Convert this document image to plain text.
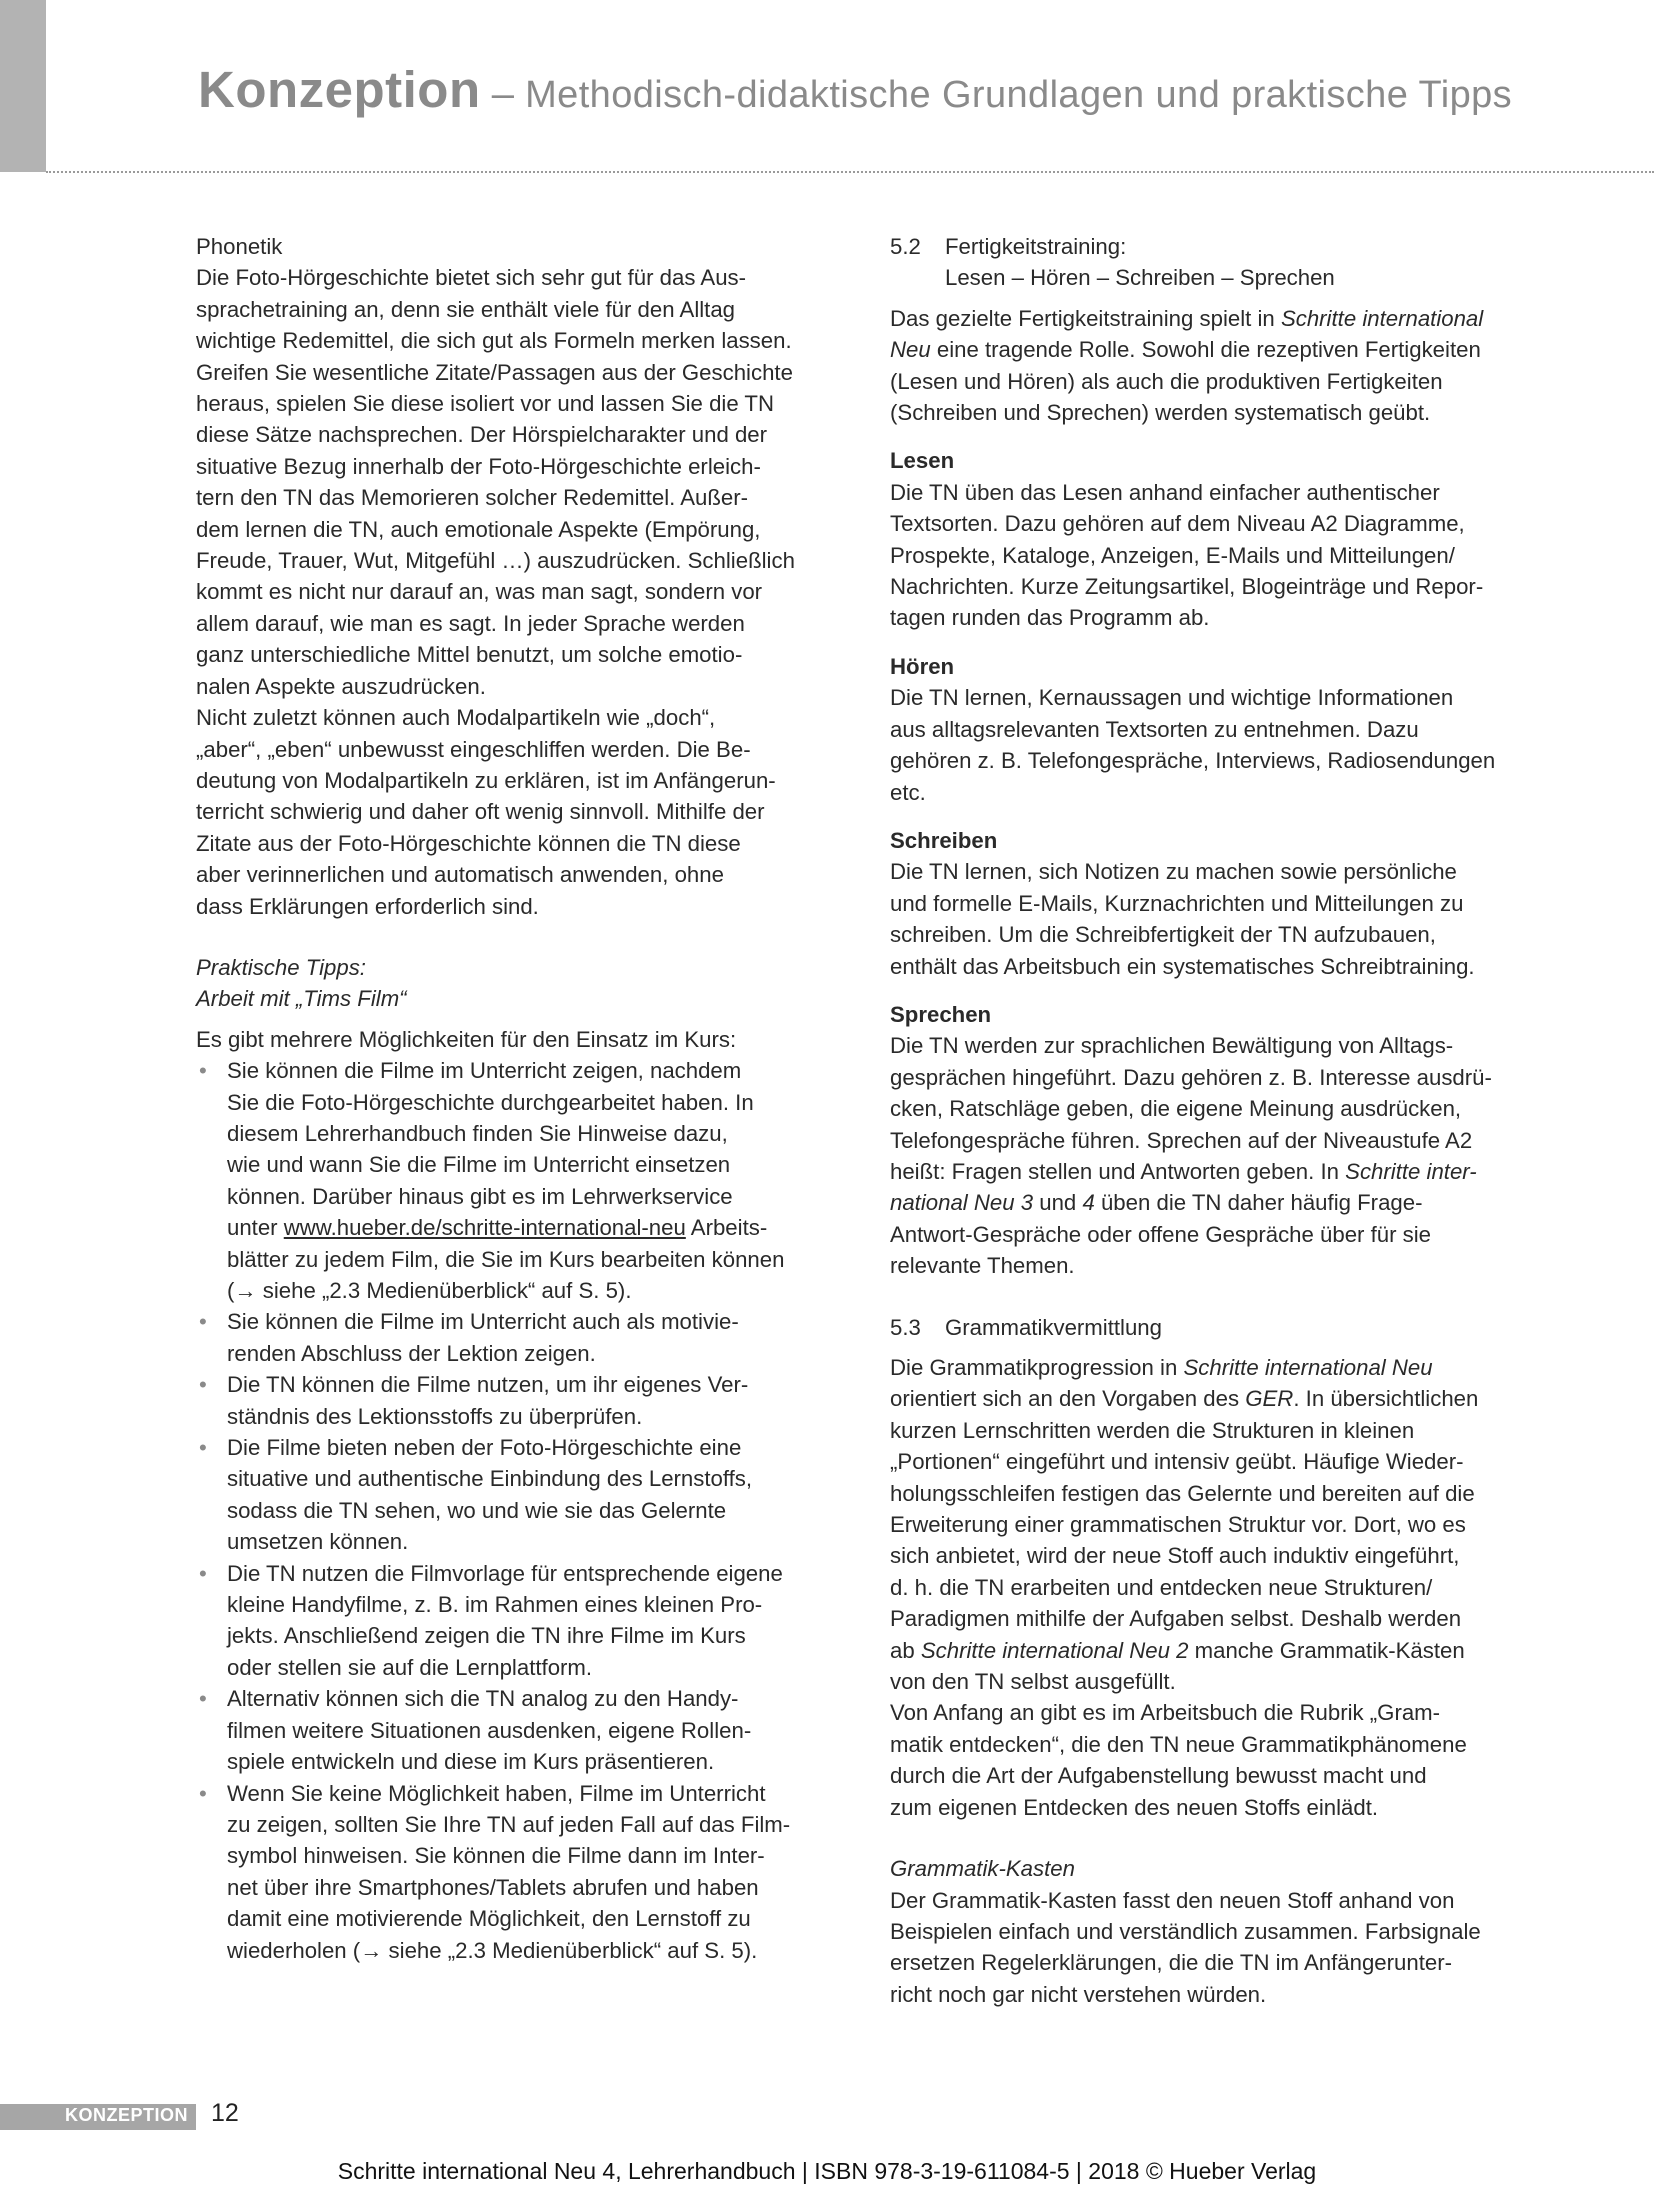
Konzeption – Methodisch-didaktische Grundlagen und praktische Tipps
Phonetik
Die Foto-Hörgeschichte bietet sich sehr gut für das Aus-
sprachetraining an, denn sie enthält viele für den Alltag
wichtige Redemittel, die sich gut als Formeln merken lassen.
Greifen Sie wesentliche Zitate/Passagen aus der Geschichte
heraus, spielen Sie diese isoliert vor und lassen Sie die TN
diese Sätze nachsprechen. Der Hörspielcharakter und der
situative Bezug innerhalb der Foto-Hörgeschichte erleich-
tern den TN das Memorieren solcher Redemittel. Außer-
dem lernen die TN, auch emotionale Aspekte (Empörung,
Freude, Trauer, Wut, Mitgefühl …) auszudrücken. Schließlich
kommt es nicht nur darauf an, was man sagt, sondern vor
allem darauf, wie man es sagt. In jeder Sprache werden
ganz unterschiedliche Mittel benutzt, um solche emotio-
nalen Aspekte auszudrücken.
Nicht zuletzt können auch Modalpartikeln wie „doch“,
„aber“, „eben“ unbewusst eingeschliffen werden. Die Be-
deutung von Modalpartikeln zu erklären, ist im Anfängerun-
terricht schwierig und daher oft wenig sinnvoll. Mithilfe der
Zitate aus der Foto-Hörgeschichte können die TN diese
aber verinnerlichen und automatisch anwenden, ohne
dass Erklärungen erforderlich sind.
Praktische Tipps:
Arbeit mit „Tims Film“
Es gibt mehrere Möglichkeiten für den Einsatz im Kurs:
• Sie können die Filme im Unterricht zeigen, nachdem
Sie die Foto-Hörgeschichte durchgearbeitet haben. In
diesem Lehrerhandbuch finden Sie Hinweise dazu,
wie und wann Sie die Filme im Unterricht einsetzen
können. Darüber hinaus gibt es im Lehrwerkservice
unter www.hueber.de/schritte-international-neu Arbeits-
blätter zu jedem Film, die Sie im Kurs bearbeiten können
(→ siehe „2.3 Medienüberblick“ auf S. 5).
• Sie können die Filme im Unterricht auch als motivie-
renden Abschluss der Lektion zeigen.
• Die TN können die Filme nutzen, um ihr eigenes Ver-
ständnis des Lektionsstoffs zu überprüfen.
• Die Filme bieten neben der Foto-Hörgeschichte eine
situative und authentische Einbindung des Lernstoffs,
sodass die TN sehen, wo und wie sie das Gelernte
umsetzen können.
• Die TN nutzen die Filmvorlage für entsprechende eigene
kleine Handyfilme, z. B. im Rahmen eines kleinen Pro-
jekts. Anschließend zeigen die TN ihre Filme im Kurs
oder stellen sie auf die Lernplattform.
• Alternativ können sich die TN analog zu den Handy-
filmen weitere Situationen ausdenken, eigene Rollen-
spiele entwickeln und diese im Kurs präsentieren.
• Wenn Sie keine Möglichkeit haben, Filme im Unterricht
zu zeigen, sollten Sie Ihre TN auf jeden Fall auf das Film-
symbol hinweisen. Sie können die Filme dann im Inter-
net über ihre Smartphones/Tablets abrufen und haben
damit eine motivierende Möglichkeit, den Lernstoff zu
wiederholen (→ siehe „2.3 Medienüberblick“ auf S. 5).
5.2 Fertigkeitstraining:
Lesen – Hören – Schreiben – Sprechen
Das gezielte Fertigkeitstraining spielt in Schritte international
Neu eine tragende Rolle. Sowohl die rezeptiven Fertigkeiten
(Lesen und Hören) als auch die produktiven Fertigkeiten
(Schreiben und Sprechen) werden systematisch geübt.
Lesen
Die TN üben das Lesen anhand einfacher authentischer
Textsorten. Dazu gehören auf dem Niveau A2 Diagramme,
Prospekte, Kataloge, Anzeigen, E-Mails und Mitteilungen/
Nachrichten. Kurze Zeitungsartikel, Blogeinträge und Repor-
tagen runden das Programm ab.
Hören
Die TN lernen, Kernaussagen und wichtige Informationen
aus alltagsrelevanten Textsorten zu entnehmen. Dazu
gehören z. B. Telefongespräche, Interviews, Radiosendungen
etc.
Schreiben
Die TN lernen, sich Notizen zu machen sowie persönliche
und formelle E-Mails, Kurznachrichten und Mitteilungen zu
schreiben. Um die Schreibfertigkeit der TN aufzubauen,
enthält das Arbeitsbuch ein systematisches Schreibtraining.
Sprechen
Die TN werden zur sprachlichen Bewältigung von Alltags-
gesprächen hingeführt. Dazu gehören z. B. Interesse ausdrü-
cken, Ratschläge geben, die eigene Meinung ausdrücken,
Telefongespräche führen. Sprechen auf der Niveaustufe A2
heißt: Fragen stellen und Antworten geben. In Schritte inter-
national Neu 3 und 4 üben die TN daher häufig Frage-
Antwort-Gespräche oder offene Gespräche über für sie
relevante Themen.
5.3 Grammatikvermittlung
Die Grammatikprogression in Schritte international Neu
orientiert sich an den Vorgaben des GER. In übersichtlichen
kurzen Lernschritten werden die Strukturen in kleinen
„Portionen“ eingeführt und intensiv geübt. Häufige Wieder-
holungsschleifen festigen das Gelernte und bereiten auf die
Erweiterung einer grammatischen Struktur vor. Dort, wo es
sich anbietet, wird der neue Stoff auch induktiv eingeführt,
d. h. die TN erarbeiten und entdecken neue Strukturen/
Paradigmen mithilfe der Aufgaben selbst. Deshalb werden
ab Schritte international Neu 2 manche Grammatik-Kästen
von den TN selbst ausgefüllt.
Von Anfang an gibt es im Arbeitsbuch die Rubrik „Gram-
matik entdecken“, die den TN neue Grammatikphänomene
durch die Art der Aufgabenstellung bewusst macht und
zum eigenen Entdecken des neuen Stoffs einlädt.
Grammatik-Kasten
Der Grammatik-Kasten fasst den neuen Stoff anhand von
Beispielen einfach und verständlich zusammen. Farbsignale
ersetzen Regelerklärungen, die die TN im Anfängerunter-
richt noch gar nicht verstehen würden.
KONZEPTION 12
Schritte international Neu 4, Lehrerhandbuch | ISBN 978-3-19-611084-5 | 2018 © Hueber Verlag
